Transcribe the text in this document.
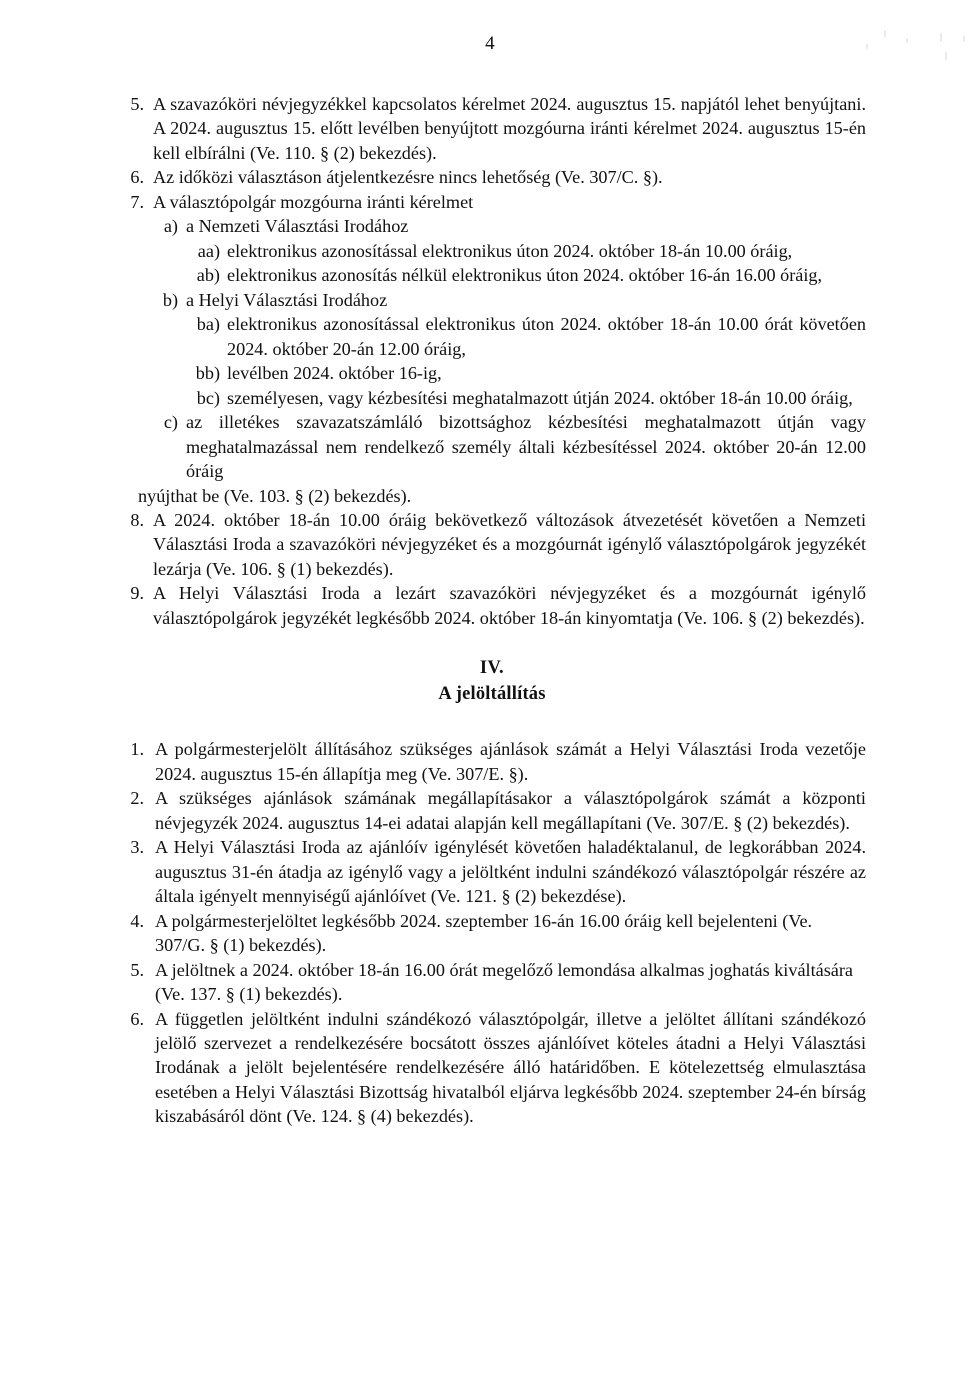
4
5. A szavazóköri névjegyzékkel kapcsolatos kérelmet 2024. augusztus 15. napjától lehet benyújtani. A 2024. augusztus 15. előtt levélben benyújtott mozgóurna iránti kérelmet 2024. augusztus 15-én kell elbírálni (Ve. 110. § (2) bekezdés).
6. Az időközi választáson átjelentkezésre nincs lehetőség (Ve. 307/C. §).
7. A választópolgár mozgóurna iránti kérelmet
a) a Nemzeti Választási Irodához
aa) elektronikus azonosítással elektronikus úton 2024. október 18-án 10.00 óráig,
ab) elektronikus azonosítás nélkül elektronikus úton 2024. október 16-án 16.00 óráig,
b) a Helyi Választási Irodához
ba) elektronikus azonosítással elektronikus úton 2024. október 18-án 10.00 órát követően 2024. október 20-án 12.00 óráig,
bb) levélben 2024. október 16-ig,
bc) személyesen, vagy kézbesítési meghatalmazott útján 2024. október 18-án 10.00 óráig,
c) az illetékes szavazatszámláló bizottsághoz kézbesítési meghatalmazott útján vagy meghatalmazással nem rendelkező személy általi kézbesítéssel 2024. október 20-án 12.00 óráig
nyújthat be (Ve. 103. § (2) bekezdés).
8. A 2024. október 18-án 10.00 óráig bekövetkező változások átvezetését követően a Nemzeti Választási Iroda a szavazóköri névjegyzéket és a mozgóurnát igénylő választópolgárok jegyzékét lezárja (Ve. 106. § (1) bekezdés).
9. A Helyi Választási Iroda a lezárt szavazóköri névjegyzéket és a mozgóurnát igénylő választópolgárok jegyzékét legkésőbb 2024. október 18-án kinyomtatja (Ve. 106. § (2) bekezdés).
IV.
A jelöltállítás
1. A polgármesterjelölt állításához szükséges ajánlások számát a Helyi Választási Iroda vezetője 2024. augusztus 15-én állapítja meg (Ve. 307/E. §).
2. A szükséges ajánlások számának megállapításakor a választópolgárok számát a központi névjegyzék 2024. augusztus 14-ei adatai alapján kell megállapítani (Ve. 307/E. § (2) bekezdés).
3. A Helyi Választási Iroda az ajánlóív igénylését követően haladéktalanul, de legkorábban 2024. augusztus 31-én átadja az igénylő vagy a jelöltként indulni szándékozó választópolgár részére az általa igényelt mennyiségű ajánlóívet (Ve. 121. § (2) bekezdése).
4. A polgármesterjelöltet legkésőbb 2024. szeptember 16-án 16.00 óráig kell bejelenteni (Ve. 307/G. § (1) bekezdés).
5. A jelöltnek a 2024. október 18-án 16.00 órát megelőző lemondása alkalmas joghatás kiváltására (Ve. 137. § (1) bekezdés).
6. A független jelöltként indulni szándékozó választópolgár, illetve a jelöltet állítani szándékozó jelölő szervezet a rendelkezésére bocsátott összes ajánlóívet köteles átadni a Helyi Választási Irodának a jelölt bejelentésére rendelkezésére álló határidőben. E kötelezettség elmulasztása esetében a Helyi Választási Bizottság hivatalból eljárva legkésőbb 2024. szeptember 24-én bírság kiszabásáról dönt (Ve. 124. § (4) bekezdés).
